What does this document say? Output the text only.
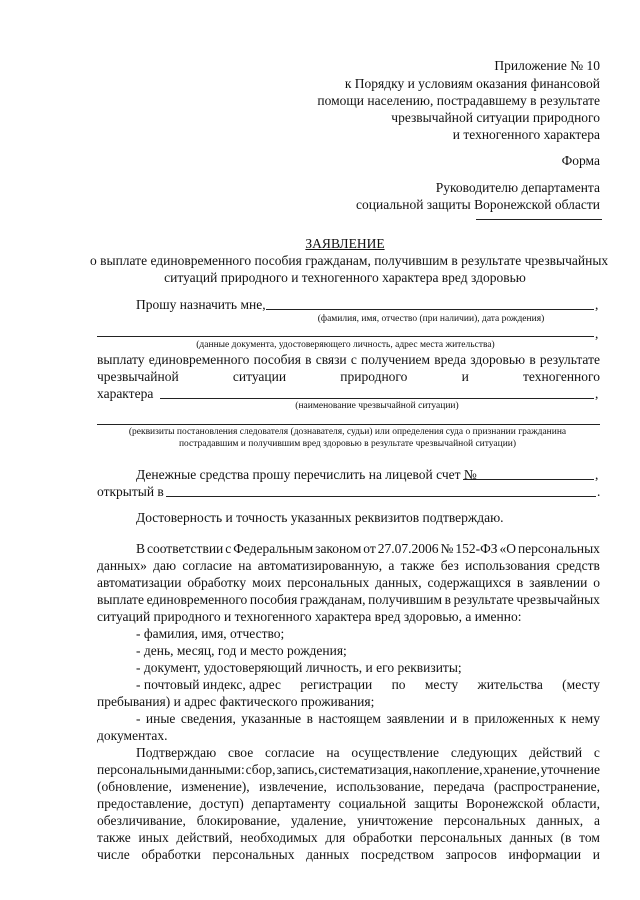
Приложение № 10
к Порядку и условиям оказания финансовой
помощи населению, пострадавшему в результате
чрезвычайной ситуации природного
и техногенного характера
Форма
Руководителю департамента
социальной защиты Воронежской области
ЗАЯВЛЕНИЕ
о выплате единовременного пособия гражданам, получившим в результате чрезвычайных
ситуаций природного и техногенного характера вред здоровью
Прошу назначить мне,	,
(фамилия, имя, отчество (при наличии), дата рождения)
,
(данные документа, удостоверяющего личность, адрес места жительства)
выплату единовременного пособия в связи с получением вреда здоровью в результате
чрезвычайной	ситуации	природного	и	техногенного
характера	,
(наименование чрезвычайной ситуации)
(реквизиты постановления следователя (дознавателя, судьи) или определения суда о признании гражданина
пострадавшим и получившим вред здоровью в результате чрезвычайной ситуации)
Денежные средства прошу перечислить на лицевой счет №	,
открытый в	.
Достоверность и точность указанных реквизитов подтверждаю.
В соответствии с Федеральным законом от 27.07.2006 № 152-ФЗ «О персональных
данных» даю согласие на автоматизированную, а также без использования средств
автоматизации обработку моих персональных данных, содержащихся в заявлении о
выплате единовременного пособия гражданам, получившим в результате чрезвычайных
ситуаций природного и техногенного характера вред здоровью, а именно:
- фамилия, имя, отчество;
- день, месяц, год и место рождения;
- документ, удостоверяющий личность, и его реквизиты;
- почтовый индекс, адрес регистрации по месту жительства (месту
пребывания) и адрес фактического проживания;
- иные сведения, указанные в настоящем заявлении и в приложенных к нему
документах.
Подтверждаю свое согласие на осуществление следующих действий с
персональными данными: сбор, запись, систематизация, накопление, хранение, уточнение
(обновление, изменение), извлечение, использование, передача (распространение,
предоставление, доступ) департаменту социальной защиты Воронежской области,
обезличивание, блокирование, удаление, уничтожение персональных данных, а
также иных действий, необходимых для обработки персональных данных (в том
числе обработки персональных данных посредством запросов информации и
